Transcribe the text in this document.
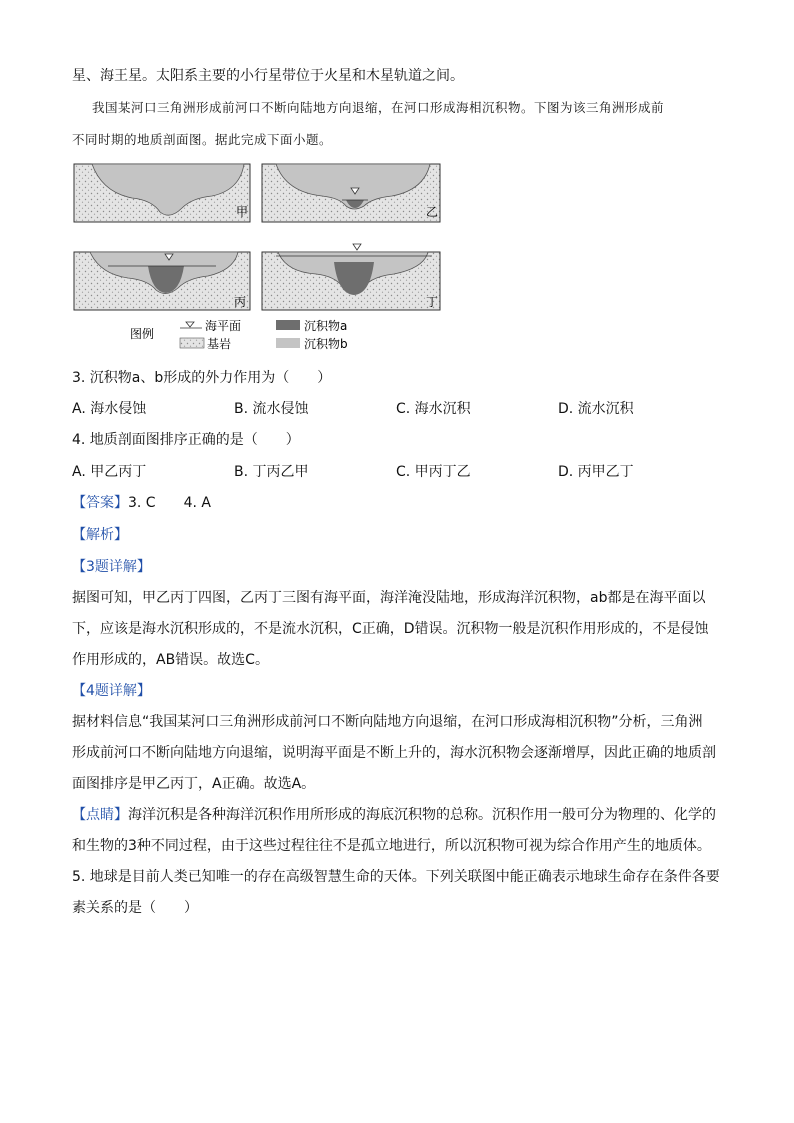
星、海王星。太阳系主要的小行星带位于火星和木星轨道之间。
我国某河口三角洲形成前河口不断向陆地方向退缩，在河口形成海相沉积物。下图为该三角洲形成前
不同时期的地质剖面图。据此完成下面小题。
甲	乙
丙	丁
图例
海平面	沉积物a
基岩	沉积物b
3. 沉积物a、b形成的外力作用为（　　）
A. 海水侵蚀	B. 流水侵蚀	C. 海水沉积	D. 流水沉积
4. 地质剖面图排序正确的是（　　）
A. 甲乙丙丁	B. 丁丙乙甲	C. 甲丙丁乙	D. 丙甲乙丁
【答案】3. C　　4. A
【解析】
【3题详解】
据图可知，甲乙丙丁四图，乙丙丁三图有海平面，海洋淹没陆地，形成海洋沉积物，ab都是在海平面以
下，应该是海水沉积形成的，不是流水沉积，C正确，D错误。沉积物一般是沉积作用形成的，不是侵蚀
作用形成的，AB错误。故选C。
【4题详解】
据材料信息“我国某河口三角洲形成前河口不断向陆地方向退缩，在河口形成海相沉积物”分析，三角洲
形成前河口不断向陆地方向退缩，说明海平面是不断上升的，海水沉积物会逐渐增厚，因此正确的地质剖
面图排序是甲乙丙丁，A正确。故选A。
【点睛】海洋沉积是各种海洋沉积作用所形成的海底沉积物的总称。沉积作用一般可分为物理的、化学的
和生物的3种不同过程，由于这些过程往往不是孤立地进行，所以沉积物可视为综合作用产生的地质体。
5. 地球是目前人类已知唯一的存在高级智慧生命的天体。下列关联图中能正确表示地球生命存在条件各要
素关系的是（　　）
